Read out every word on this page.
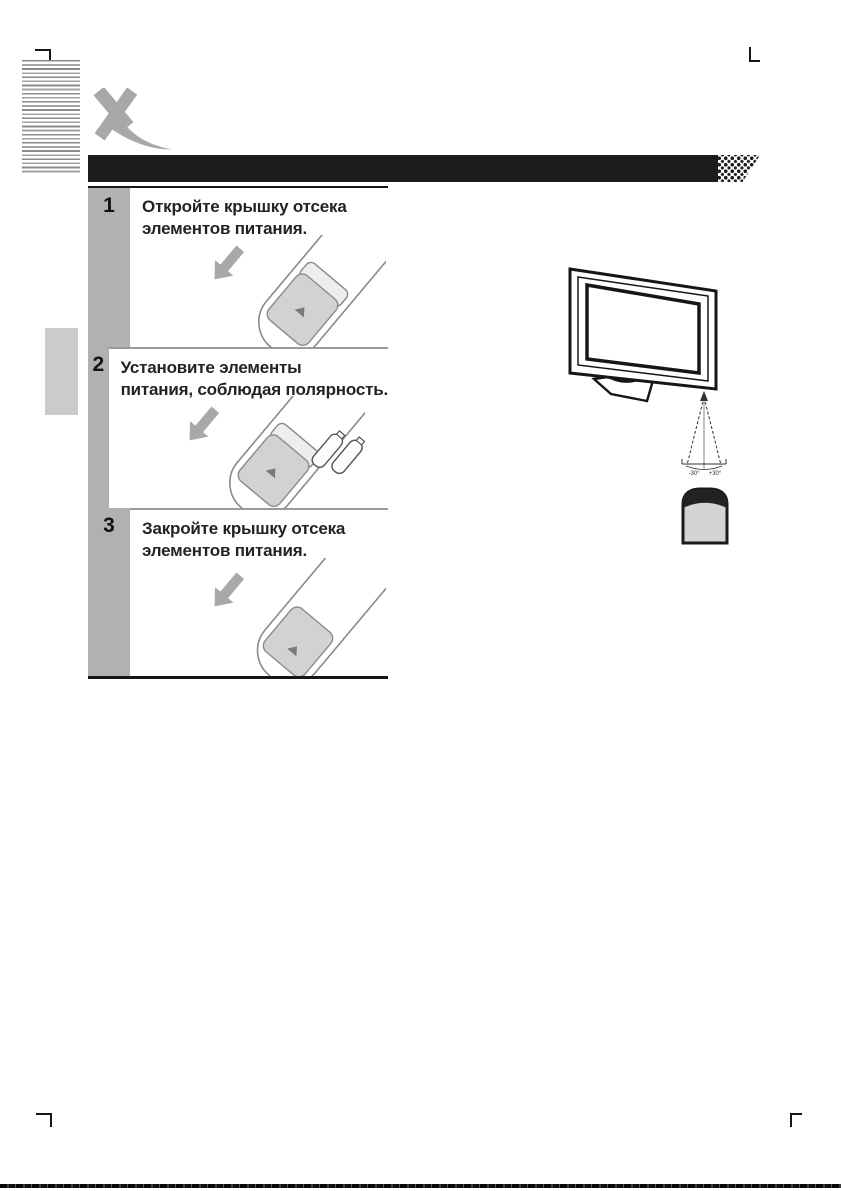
1	Откройте крышку отсека
элементов питания.
2 Установите элементы
питания, соблюдая полярность.
3	Закройте крышку отсека
элементов питания.
-30° +30°
